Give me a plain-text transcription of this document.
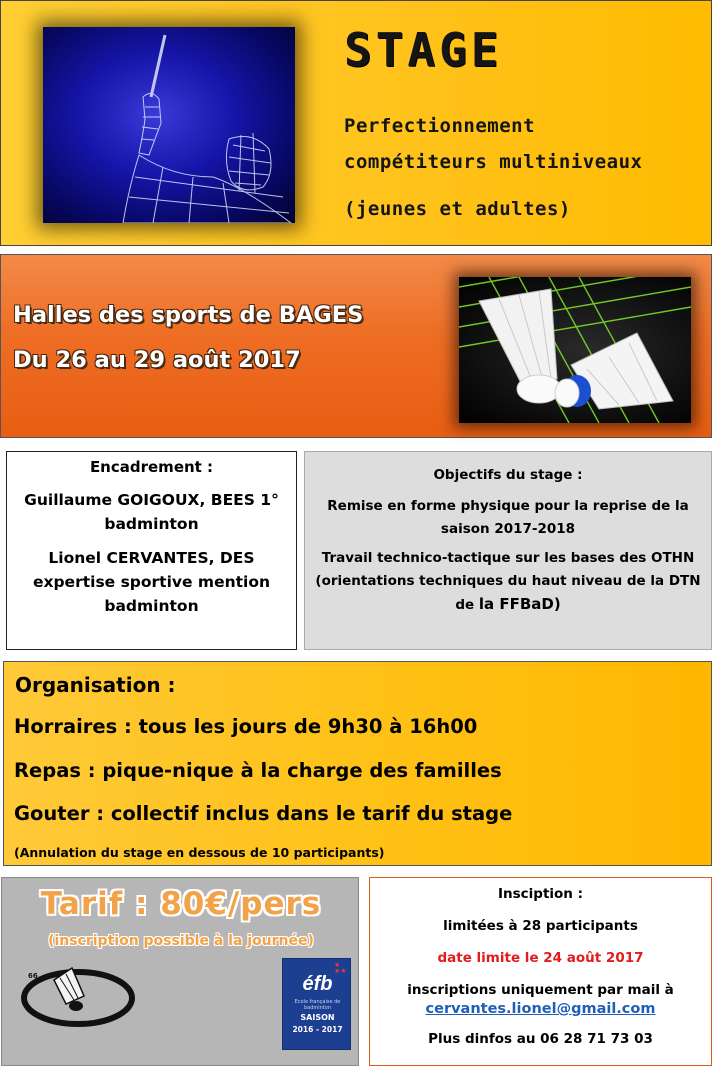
STAGE
Perfectionnement
compétiteurs multiniveaux
(jeunes et adultes)
Halles des sports de BAGES
Du 26 au 29 août 2017
Encadrement :
Guillaume GOIGOUX, BEES 1° badminton
Lionel CERVANTES, DES expertise sportive mention badminton
Objectifs du stage :
Remise en forme physique pour la reprise de la saison 2017-2018
Travail technico-tactique sur les bases des OTHN (orientations techniques du haut niveau de la DTN de la FFBaD)
Organisation :
Horraires : tous les jours de 9h30 à 16h00
Repas : pique-nique à la charge des familles
Gouter : collectif inclus dans le tarif du stage
(Annulation du stage en dessous de 10 participants)
Tarif : 80€/pers
(inscription possible à la journée)
66
★
★★
éfb
Ecole française de badminton
SAISON
2016 - 2017
Insciption :
limitées à 28 participants
date limite le 24 août 2017
inscriptions uniquement par mail à
cervantes.lionel@gmail.com
Plus dinfos au 06 28 71 73 03
